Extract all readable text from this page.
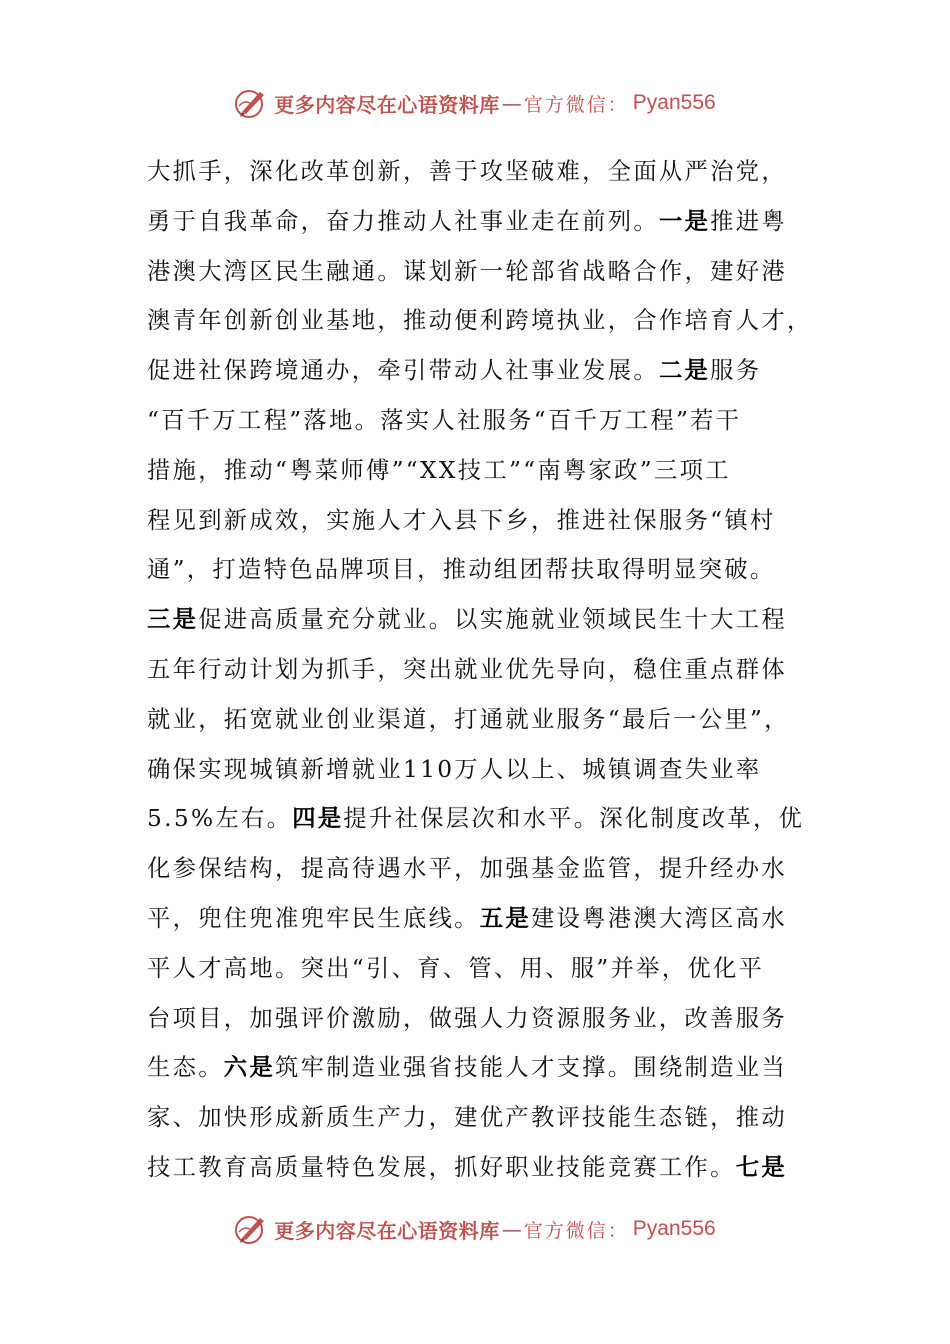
更多内容尽在心语资料库 — 官方微信： Pyan556
大抓手，深化改革创新，善于攻坚破难，全面从严治党，
勇于自我革命，奋力推动人社事业走在前列。一是推进粤
港澳大湾区民生融通。谋划新一轮部省战略合作，建好港
澳青年创新创业基地，推动便利跨境执业，合作培育人才，
促进社保跨境通办，牵引带动人社事业发展。二是服务
“百千万工程”落地。落实人社服务“百千万工程”若干
措施，推动“粤菜师傅”“XX技工”“南粤家政”三项工
程见到新成效，实施人才入县下乡，推进社保服务“镇村
通”，打造特色品牌项目，推动组团帮扶取得明显突破。
三是促进高质量充分就业。以实施就业领域民生十大工程
五年行动计划为抓手，突出就业优先导向，稳住重点群体
就业，拓宽就业创业渠道，打通就业服务“最后一公里”，
确保实现城镇新增就业110万人以上、城镇调查失业率
5.5%左右。四是提升社保层次和水平。深化制度改革，优
化参保结构，提高待遇水平，加强基金监管，提升经办水
平，兜住兜准兜牢民生底线。五是建设粤港澳大湾区高水
平人才高地。突出“引、育、管、用、服”并举，优化平
台项目，加强评价激励，做强人力资源服务业，改善服务
生态。六是筑牢制造业强省技能人才支撑。围绕制造业当
家、加快形成新质生产力，建优产教评技能生态链，推动
技工教育高质量特色发展，抓好职业技能竞赛工作。七是
更多内容尽在心语资料库 — 官方微信： Pyan556
